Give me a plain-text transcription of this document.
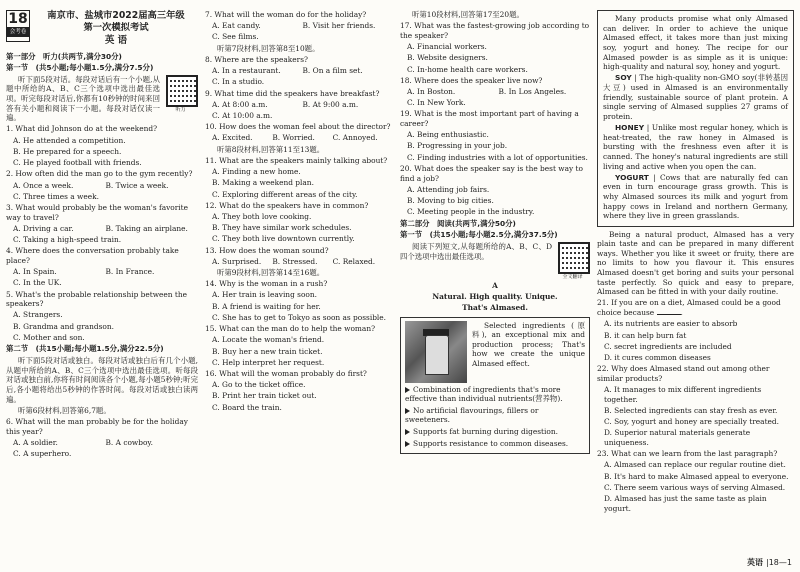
18
会考卷
南京市、盐城市2022届高三年级
第一次模拟考试
英 语
第一部分　听力(共两节,满分30分)
第一节　(共5小题;每小题1.5分,满分7.5分)
听力

听下面5段对话。每段对话后有一个小题,从题中所给的A、B、C三个选项中选出最佳选项。听完每段对话后,你都有10秒钟的时间来回答有关小题和阅读下一小题。每段对话仅读一遍。

1. What did Johnson do at the weekend?

A. He attended a competition.

B. He prepared for a speech.

C. He played football with friends.

2. How often did the man go to the gym recently?

A. Once a week.	B. Twice a week.

C. Three times a week.

3. What would probably be the woman's favorite way to travel?

A. Driving a car.	B. Taking an airplane.

C. Taking a high-speed train.

4. Where does the conversation probably take place?

A. In Spain.	B. In France.

C. In the UK.

5. What's the probable relationship between the speakers?

A. Strangers.

B. Grandma and grandson.

C. Mother and son.

第二节　(共15小题;每小题1.5分,满分22.5分)

听下面5段对话或独白。每段对话或独白后有几个小题,从题中所给的A、B、C三个选项中选出最佳选项。听每段对话或独白前,你将有时间阅读各个小题,每小题5秒钟;听完后,各小题将给出5秒钟的作答时间。每段对话或独白读两遍。

听第6段材料,回答第6,7题。

6. What will the man probably be for the holiday this year?

A. A soldier.	B. A cowboy.

C. A superhero.

7. What will the woman do for the holiday?

A. Eat candy.	B. Visit her friends.

C. See films.

听第7段材料,回答第8至10题。

8. Where are the speakers?

A. In a restaurant.	B. On a film set.

C. In a studio.

9. What time did the speakers have breakfast?

A. At 8:00 a.m.	B. At 9:00 a.m.

C. At 10:00 a.m.

10. How does the woman feel about the director?

A. Excited.	B. Worried.	C. Annoyed.

听第8段材料,回答第11至13题。

11. What are the speakers mainly talking about?

A. Finding a new home.

B. Making a weekend plan.

C. Exploring different areas of the city.

12. What do the speakers have in common?

A. They both love cooking.

B. They have similar work schedules.

C. They both live downtown currently.

13. How does the woman sound?

A. Surprised.	B. Stressed.	C. Relaxed.

听第9段材料,回答第14至16题。

14. Why is the woman in a rush?

A. Her train is leaving soon.

B. A friend is waiting for her.

C. She has to get to Tokyo as soon as possible.

15. What can the man do to help the woman?

A. Locate the woman's friend.

B. Buy her a new train ticket.

C. Help interpret her request.

16. What will the woman probably do first?

A. Go to the ticket office.

B. Print her train ticket out.

C. Board the train.

听第10段材料,回答第17至20题。

17. What was the fastest-growing job according to the speaker?

A. Financial workers.

B. Website designers.

C. In-home health care workers.

18. Where does the speaker live now?

A. In Boston.	B. In Los Angeles.

C. In New York.

19. What is the most important part of having a career?

A. Being enthusiastic.

B. Progressing in your job.

C. Finding industries with a lot of opportunities.

20. What does the speaker say is the best way to find a job?

A. Attending job fairs.

B. Moving to big cities.

C. Meeting people in the industry.

第二部分　阅读(共两节,满分50分)
第一节　(共15小题;每小题2.5分,满分37.5分)
全文翻译

阅读下列短文,从每题所给的A、B、C、D四个选项中选出最佳选项。

A

Natural. High quality. Unique.

That's Almased.

Selected ingredients (原料), an exceptional mix and production process; That's how we create the unique Almased effect.

Combination of ingredients that's more effective than individual nutrients(营养物).

No artificial flavourings, fillers or sweeteners.

Supports fat burning during digestion.

Supports resistance to common diseases.

Many products promise what only Almased can deliver. In order to achieve the unique Almased effect, it takes more than just mixing soy, yogurt and honey. The recipe for our Almased powder is as simple as it is unique: high-quality and natural soy, honey and yogurt.

SOY | The high-quality non-GMO soy(非转基因大豆) used in Almased is an environmentally friendly, sustainable source of plant protein. A single serving of Almased supplies 27 grams of protein.

HONEY | Unlike most regular honey, which is heat-treated, the raw honey in Almased is bursting with the freshness even after it is canned. The honey's natural ingredients are still living and active when you open the can.

YOGURT | Cows that are naturally fed can even in turn encourage grass growth. This is why Almased sources its milk and yogurt from happy cows in Ireland and northern Germany, where they live in green grasslands.

Being a natural product, Almased has a very plain taste and can be prepared in many different ways. Whether you like it sweet or fruity, there are no limits to how you flavour it. This ensures Almased doesn't get boring and suits your personal taste perfectly. So quick and easy to prepare, Almased can be fitted in with your daily routine.

21. If you are on a diet, Almased could be a good choice because	.

A. its nutrients are easier to absorb

B. it can help burn fat

C. secret ingredients are included

D. it cures common diseases

22. Why does Almased stand out among other similar products?

A. It manages to mix different ingredients together.

B. Selected ingredients can stay fresh as ever.

C. Soy, yogurt and honey are specially treated.

D. Superior natural materials generate uniqueness.

23. What can we learn from the last paragraph?

A. Almased can replace our regular routine diet.

B. It's hard to make Almased appeal to everyone.

C. There seem various ways of serving Almased.

D. Almased has just the same taste as plain yogurt.

英语 |18—1
